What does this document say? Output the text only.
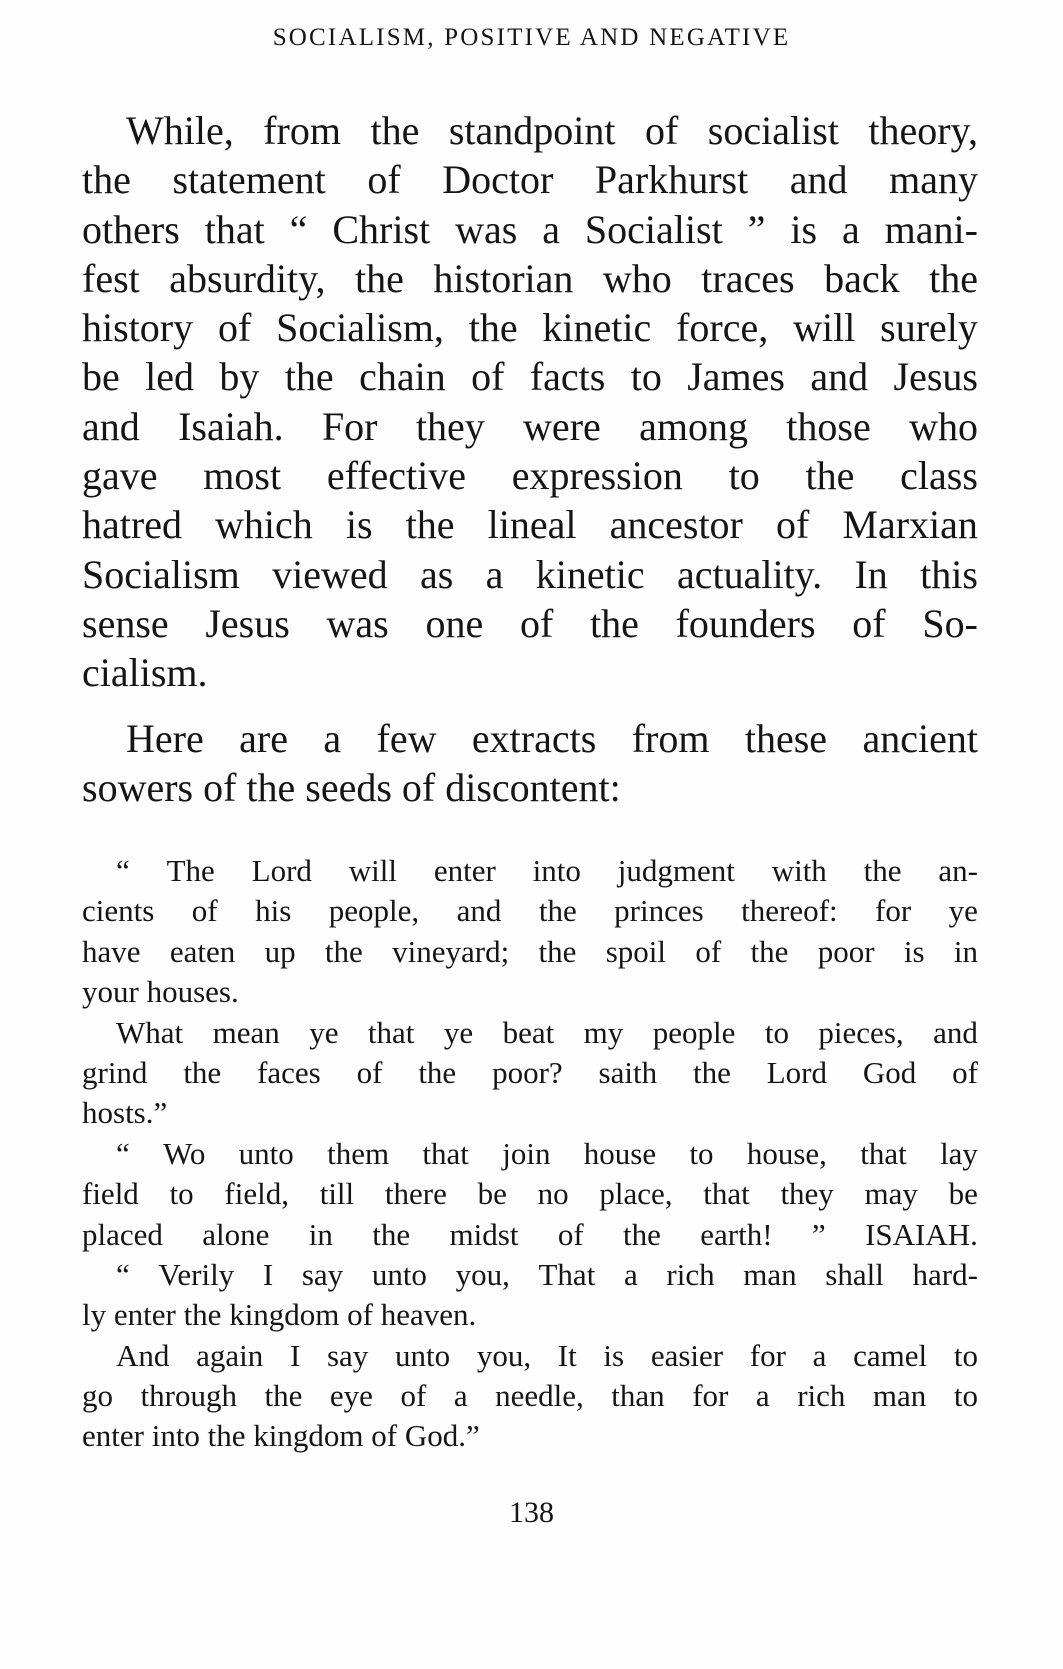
SOCIALISM, POSITIVE AND NEGATIVE
While, from the standpoint of socialist theory,
the statement of Doctor Parkhurst and many
others that “ Christ was a Socialist ” is a mani-
fest absurdity, the historian who traces back the
history of Socialism, the kinetic force, will surely
be led by the chain of facts to James and Jesus
and Isaiah. For they were among those who
gave most effective expression to the class
hatred which is the lineal ancestor of Marxian
Socialism viewed as a kinetic actuality. In this
sense Jesus was one of the founders of So-
cialism.
Here are a few extracts from these ancient
sowers of the seeds of discontent:
“ The Lord will enter into judgment with the an-
cients of his people, and the princes thereof: for ye
have eaten up the vineyard; the spoil of the poor is in
your houses.
What mean ye that ye beat my people to pieces, and
grind the faces of the poor? saith the Lord God of
hosts.”
“ Wo unto them that join house to house, that lay
field to field, till there be no place, that they may be
placed alone in the midst of the earth! ” ISAIAH.
“ Verily I say unto you, That a rich man shall hard-
ly enter the kingdom of heaven.
And again I say unto you, It is easier for a camel to
go through the eye of a needle, than for a rich man to
enter into the kingdom of God.”
138
